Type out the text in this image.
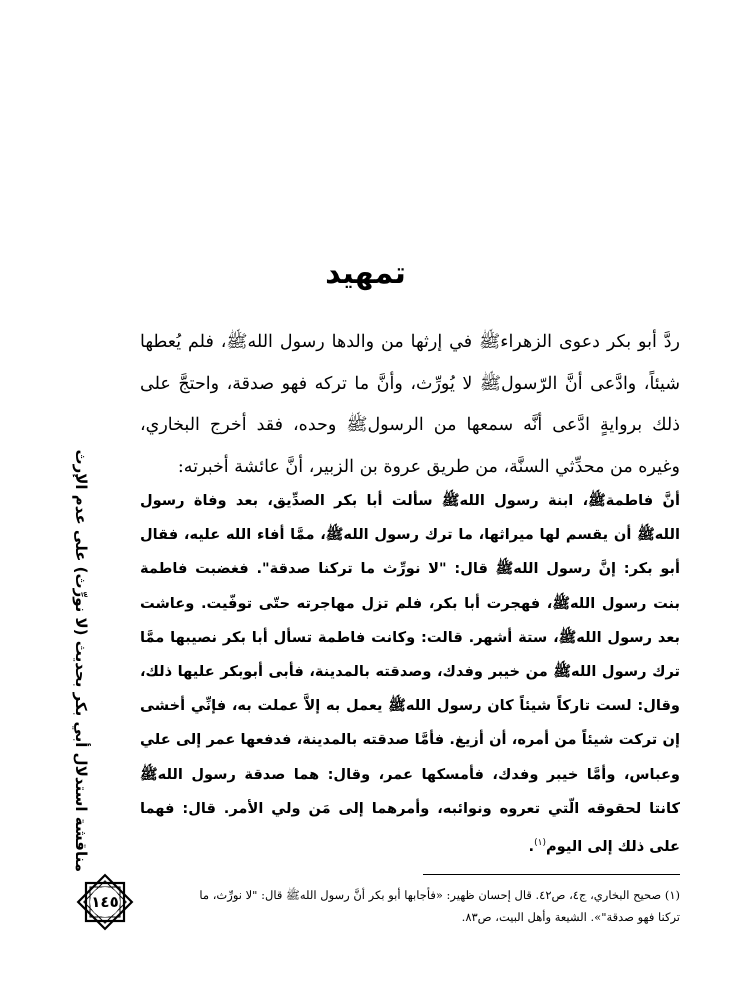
تمهيد

ردَّ أبو بكر دعوى الزهراءﷺ في إرثها من والدها رسول اللهﷺ، فلم يُعطها شيئاً، وادَّعى أنَّ الرّسولﷺ لا يُورِّث، وأنَّ ما تركه فهو صدقة، واحتجَّ على ذلك بروايةٍ ادَّعى أنَّه سمعها من الرسولﷺ وحده، فقد أخرج البخاري، وغيره من محدِّثي السنَّة، من طريق عروة بن الزبير، أنَّ عائشة أخبرته:

أنَّ فاطمةﷺ، ابنة رسول اللهﷺ سألت أبا بكر الصدِّيق، بعد وفاة رسول اللهﷺ أن يقسم لها ميراثها، ما ترك رسول اللهﷺ، ممَّا أفاء الله عليه، فقال أبو بكر: إنَّ رسول اللهﷺ قال: "لا نورِّث ما تركنا صدقة". فغضبت فاطمة بنت رسول اللهﷺ، فهجرت أبا بكر، فلم تزل مهاجرته حتّى توفّيت. وعاشت بعد رسول اللهﷺ، ستة أشهر. قالت: وكانت فاطمة تسأل أبا بكر نصيبها ممَّا ترك رسول اللهﷺ من خيبر وفدك، وصدقته بالمدينة، فأبى أبوبكر عليها ذلك، وقال: لست تاركاً شيئاً كان رسول اللهﷺ يعمل به إلاَّ عملت به، فإنِّي أخشى إن تركت شيئاً من أمره، أن أزيغ. فأمَّا صدقته بالمدينة، فدفعها عمر إلى علي وعباس، وأمَّا خيبر وفدك، فأمسكها عمر، وقال: هما صدقة رسول اللهﷺ كانتا لحقوقه الّتي تعروه ونوائبه، وأمرهما إلى مَن ولي الأمر. قال: فهما على ذلك إلى اليوم$^{(١)}$.

مناقشة استدلال أبي بكر بحديث (لا نورِّث) على عدم الإرث

(١) صحيح البخاري، ج٤، ص٤٢. قال إحسان ظهير: «فأجابها أبو بكر أنَّ رسول اللهﷺ قال: "لا نورِّث، ما

تركنا فهو صدقة"». الشيعة وأهل البيت، ص٨٣.

١٤٥
